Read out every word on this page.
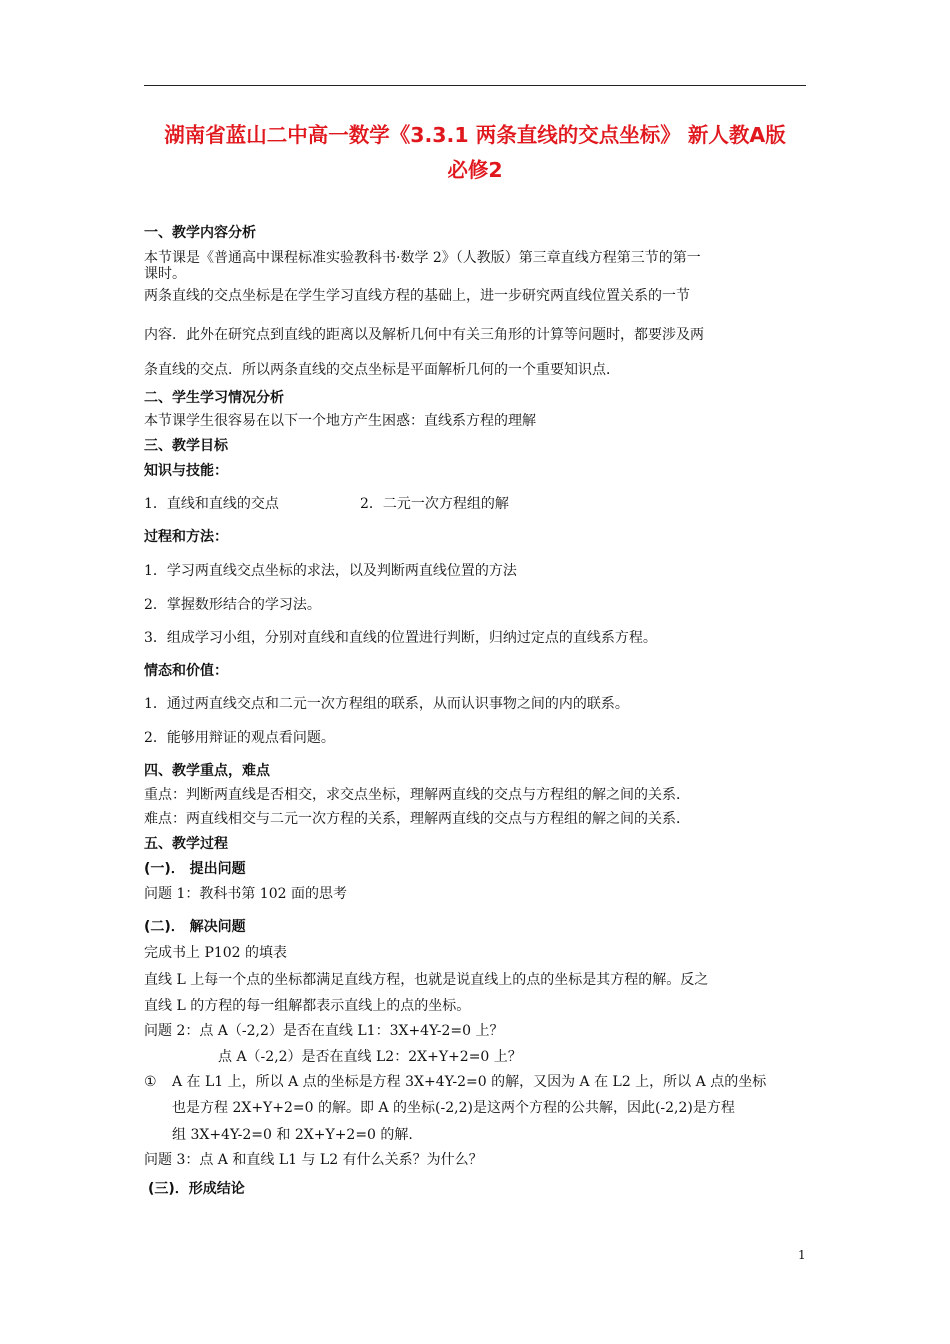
湖南省蓝山二中高一数学《3.3.1 两条直线的交点坐标》 新人教A版
必修2
一、教学内容分析
本节课是《普通高中课程标准实验教科书·数学 2》（人教版）第三章直线方程第三节的第一
课时。
两条直线的交点坐标是在学生学习直线方程的基础上，进一步研究两直线位置关系的一节
内容．此外在研究点到直线的距离以及解析几何中有关三角形的计算等问题时，都要涉及两
条直线的交点．所以两条直线的交点坐标是平面解析几何的一个重要知识点．
二、学生学习情况分析
本节课学生很容易在以下一个地方产生困惑：直线系方程的理解
三、教学目标
知识与技能：
1．直线和直线的交点	2．二元一次方程组的解
过程和方法：
1．学习两直线交点坐标的求法，以及判断两直线位置的方法
2．掌握数形结合的学习法。
3．组成学习小组，分别对直线和直线的位置进行判断，归纳过定点的直线系方程。
情态和价值：
1．通过两直线交点和二元一次方程组的联系，从而认识事物之间的内的联系。
2．能够用辩证的观点看问题。
四、教学重点，难点
重点：判断两直线是否相交，求交点坐标，理解两直线的交点与方程组的解之间的关系．
难点：两直线相交与二元一次方程的关系，理解两直线的交点与方程组的解之间的关系．
五、教学过程
(一)． 提出问题
问题 1：教科书第 102 面的思考
(二)． 解决问题
完成书上 P102 的填表
直线 L 上每一个点的坐标都满足直线方程，也就是说直线上的点的坐标是其方程的解。反之
直线 L 的方程的每一组解都表示直线上的点的坐标。
问题 2：点 A（-2,2）是否在直线 L1：3X+4Y-2=0 上？
点 A（-2,2）是否在直线 L2：2X+Y+2=0 上？
① A 在 L1 上，所以 A 点的坐标是方程 3X+4Y-2=0 的解，又因为 A 在 L2 上，所以 A 点的坐标
也是方程 2X+Y+2=0 的解。即 A 的坐标(-2,2)是这两个方程的公共解，因此(-2,2)是方程
组 3X+4Y-2=0 和 2X+Y+2=0 的解.
问题 3：点 A 和直线 L1 与 L2 有什么关系？为什么？
(三)．形成结论
1
